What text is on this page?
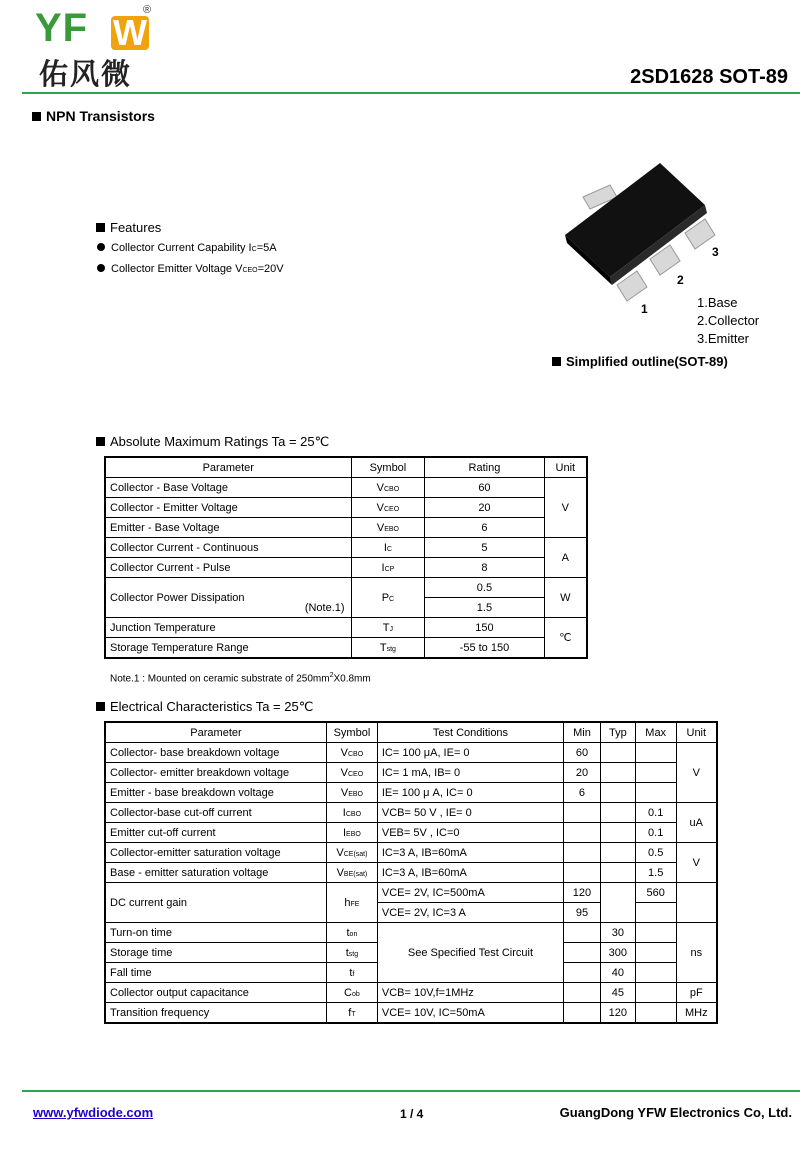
YF W
®
佑风微	2SD1628 SOT-89
NPN Transistors
Features
Collector Current Capability IC=5A
Collector Emitter Voltage VCEO=20V
3
2
1	1.Base
2.Collector
3.Emitter
Simplified outline(SOT-89)
Absolute Maximum Ratings Ta = 25℃
Parameter	Symbol	Rating	Unit
Collector - Base Voltage	VCBO	60	V
Collector - Emitter Voltage	VCEO	20	
Emitter - Base Voltage	VEBO	6	
Collector Current - Continuous	IC	5	A
Collector Current - Pulse	ICP	8	
Collector Power Dissipation
(Note.1)	PC	0.5	W
		1.5	
Junction Temperature	TJ	150	℃
Storage Temperature Range	Tstg	-55 to 150	
Note.1 : Mounted on ceramic substrate of $250mm^2X0.8mm$
Electrical Characteristics Ta = 25℃
Parameter	Symbol	Test Conditions	Min	Typ	Max	Unit
Collector- base breakdown voltage	VCBO	IC= 100 μA, IE= 0	60			V
Collector- emitter breakdown voltage	VCEO	IC= 1 mA, IB= 0	20			
Emitter - base breakdown voltage	VEBO	IE= 100 μ A, IC= 0	6			
Collector-base cut-off current	ICBO	VCB= 50 V , IE= 0			0.1	uA
Emitter cut-off current	IEBO	VEB= 5V , IC=0			0.1	
Collector-emitter saturation voltage	VCE(sat)	IC=3 A, IB=60mA			0.5	V
Base - emitter saturation voltage	VBE(sat)	IC=3 A, IB=60mA			1.5	
DC current gain	hFE	VCE= 2V, IC=500mA	120		560	
		VCE= 2V, IC=3 A	95			
Turn-on time	ton	See Specified Test Circuit		30		ns
Storage time	tstg			300		
Fall time	tf			40		
Collector output capacitance	Cob	VCB= 10V,f=1MHz		45		pF
Transition frequency	fT	VCE= 10V, IC=50mA		120		MHz
www.yfwdiode.com	1 / 4	GuangDong YFW Electronics Co, Ltd.
